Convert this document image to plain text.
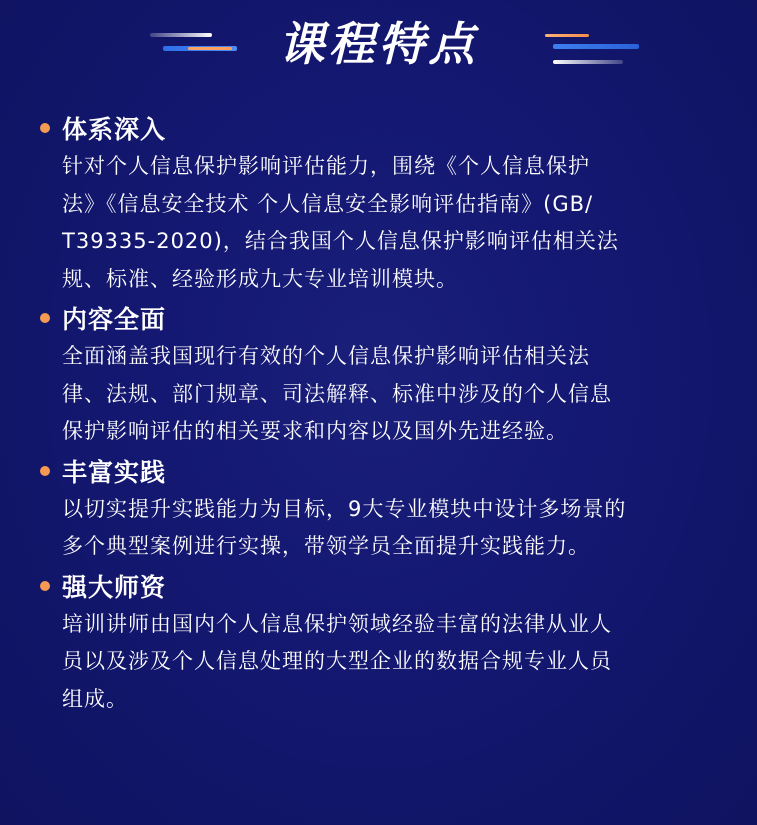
课程特点
体系深入
针对个人信息保护影响评估能力，围绕《个人信息保护
法》《信息安全技术 个人信息安全影响评估指南》(GB/
T39335-2020)，结合我国个人信息保护影响评估相关法
规、标准、经验形成九大专业培训模块。
内容全面
全面涵盖我国现行有效的个人信息保护影响评估相关法
律、法规、部门规章、司法解释、标准中涉及的个人信息
保护影响评估的相关要求和内容以及国外先进经验。
丰富实践
以切实提升实践能力为目标，9大专业模块中设计多场景的
多个典型案例进行实操，带领学员全面提升实践能力。
强大师资
培训讲师由国内个人信息保护领域经验丰富的法律从业人
员以及涉及个人信息处理的大型企业的数据合规专业人员
组成。
